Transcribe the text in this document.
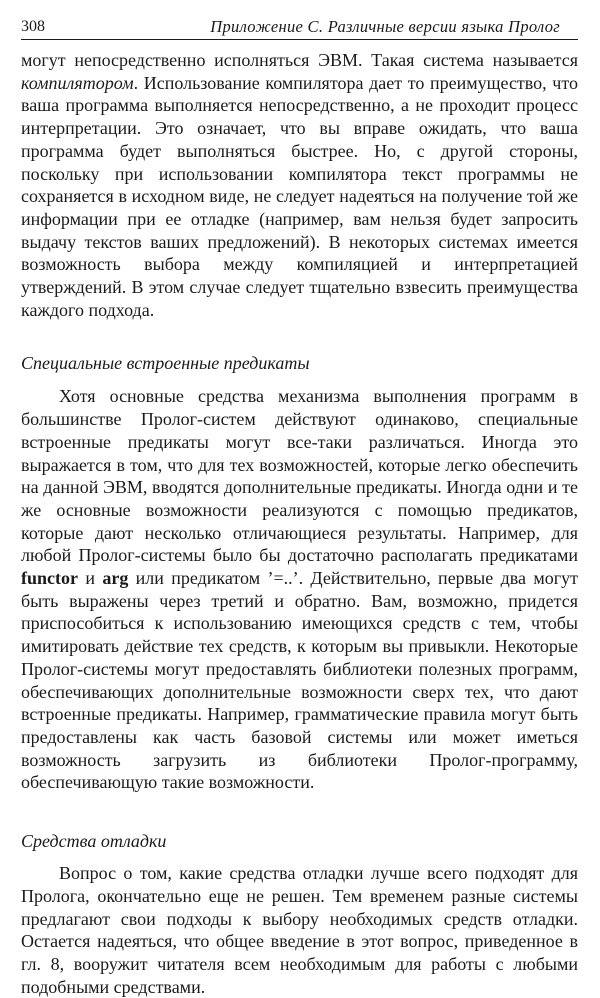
308	Приложение С. Различные версии языка Пролог

могут непосредственно исполняться ЭВМ. Такая система называется компилятором. Использование компилятора дает то преимущество, что ваша программа выполняется непосредственно, а не проходит процесс интерпретации. Это означает, что вы вправе ожидать, что ваша программа будет выполняться быстрее. Но, с другой стороны, поскольку при использовании компилятора текст программы не сохраняется в исходном виде, не следует надеяться на получение той же информации при ее отладке (например, вам нельзя будет запросить выдачу текстов ваших предложений). В некоторых системах имеется возможность выбора между компиляцией и интерпретацией утверждений. В этом случае следует тщательно взвесить преимущества каждого подхода.

Специальные встроенные предикаты

Хотя основные средства механизма выполнения программ в большинстве Пролог-систем действуют одинаково, специальные встроенные предикаты могут все-таки различаться. Иногда это выражается в том, что для тех возможностей, которые легко обеспечить на данной ЭВМ, вводятся дополнительные предикаты. Иногда одни и те же основные возможности реализуются с помощью предикатов, которые дают несколько отличающиеся результаты. Например, для любой Пролог-системы было бы достаточно располагать предикатами functor и arg или предикатом ’=..’. Действительно, первые два могут быть выражены через третий и обратно. Вам, возможно, придется приспособиться к использованию имеющихся средств с тем, чтобы имитировать действие тех средств, к которым вы привыкли. Некоторые Пролог-системы могут предоставлять библиотеки полезных программ, обеспечивающих дополнительные возможности сверх тех, что дают встроенные предикаты. Например, грамматические правила могут быть предоставлены как часть базовой системы или может иметься возможность загрузить из библиотеки Пролог-программу, обеспечивающую такие возможности.

Средства отладки

Вопрос о том, какие средства отладки лучше всего подходят для Пролога, окончательно еще не решен. Тем временем разные системы предлагают свои подходы к выбору необходимых средств отладки. Остается надеяться, что общее введение в этот вопрос, приведенное в гл. 8, вооружит читателя всем необходимым для работы с любыми подобными средствами.
